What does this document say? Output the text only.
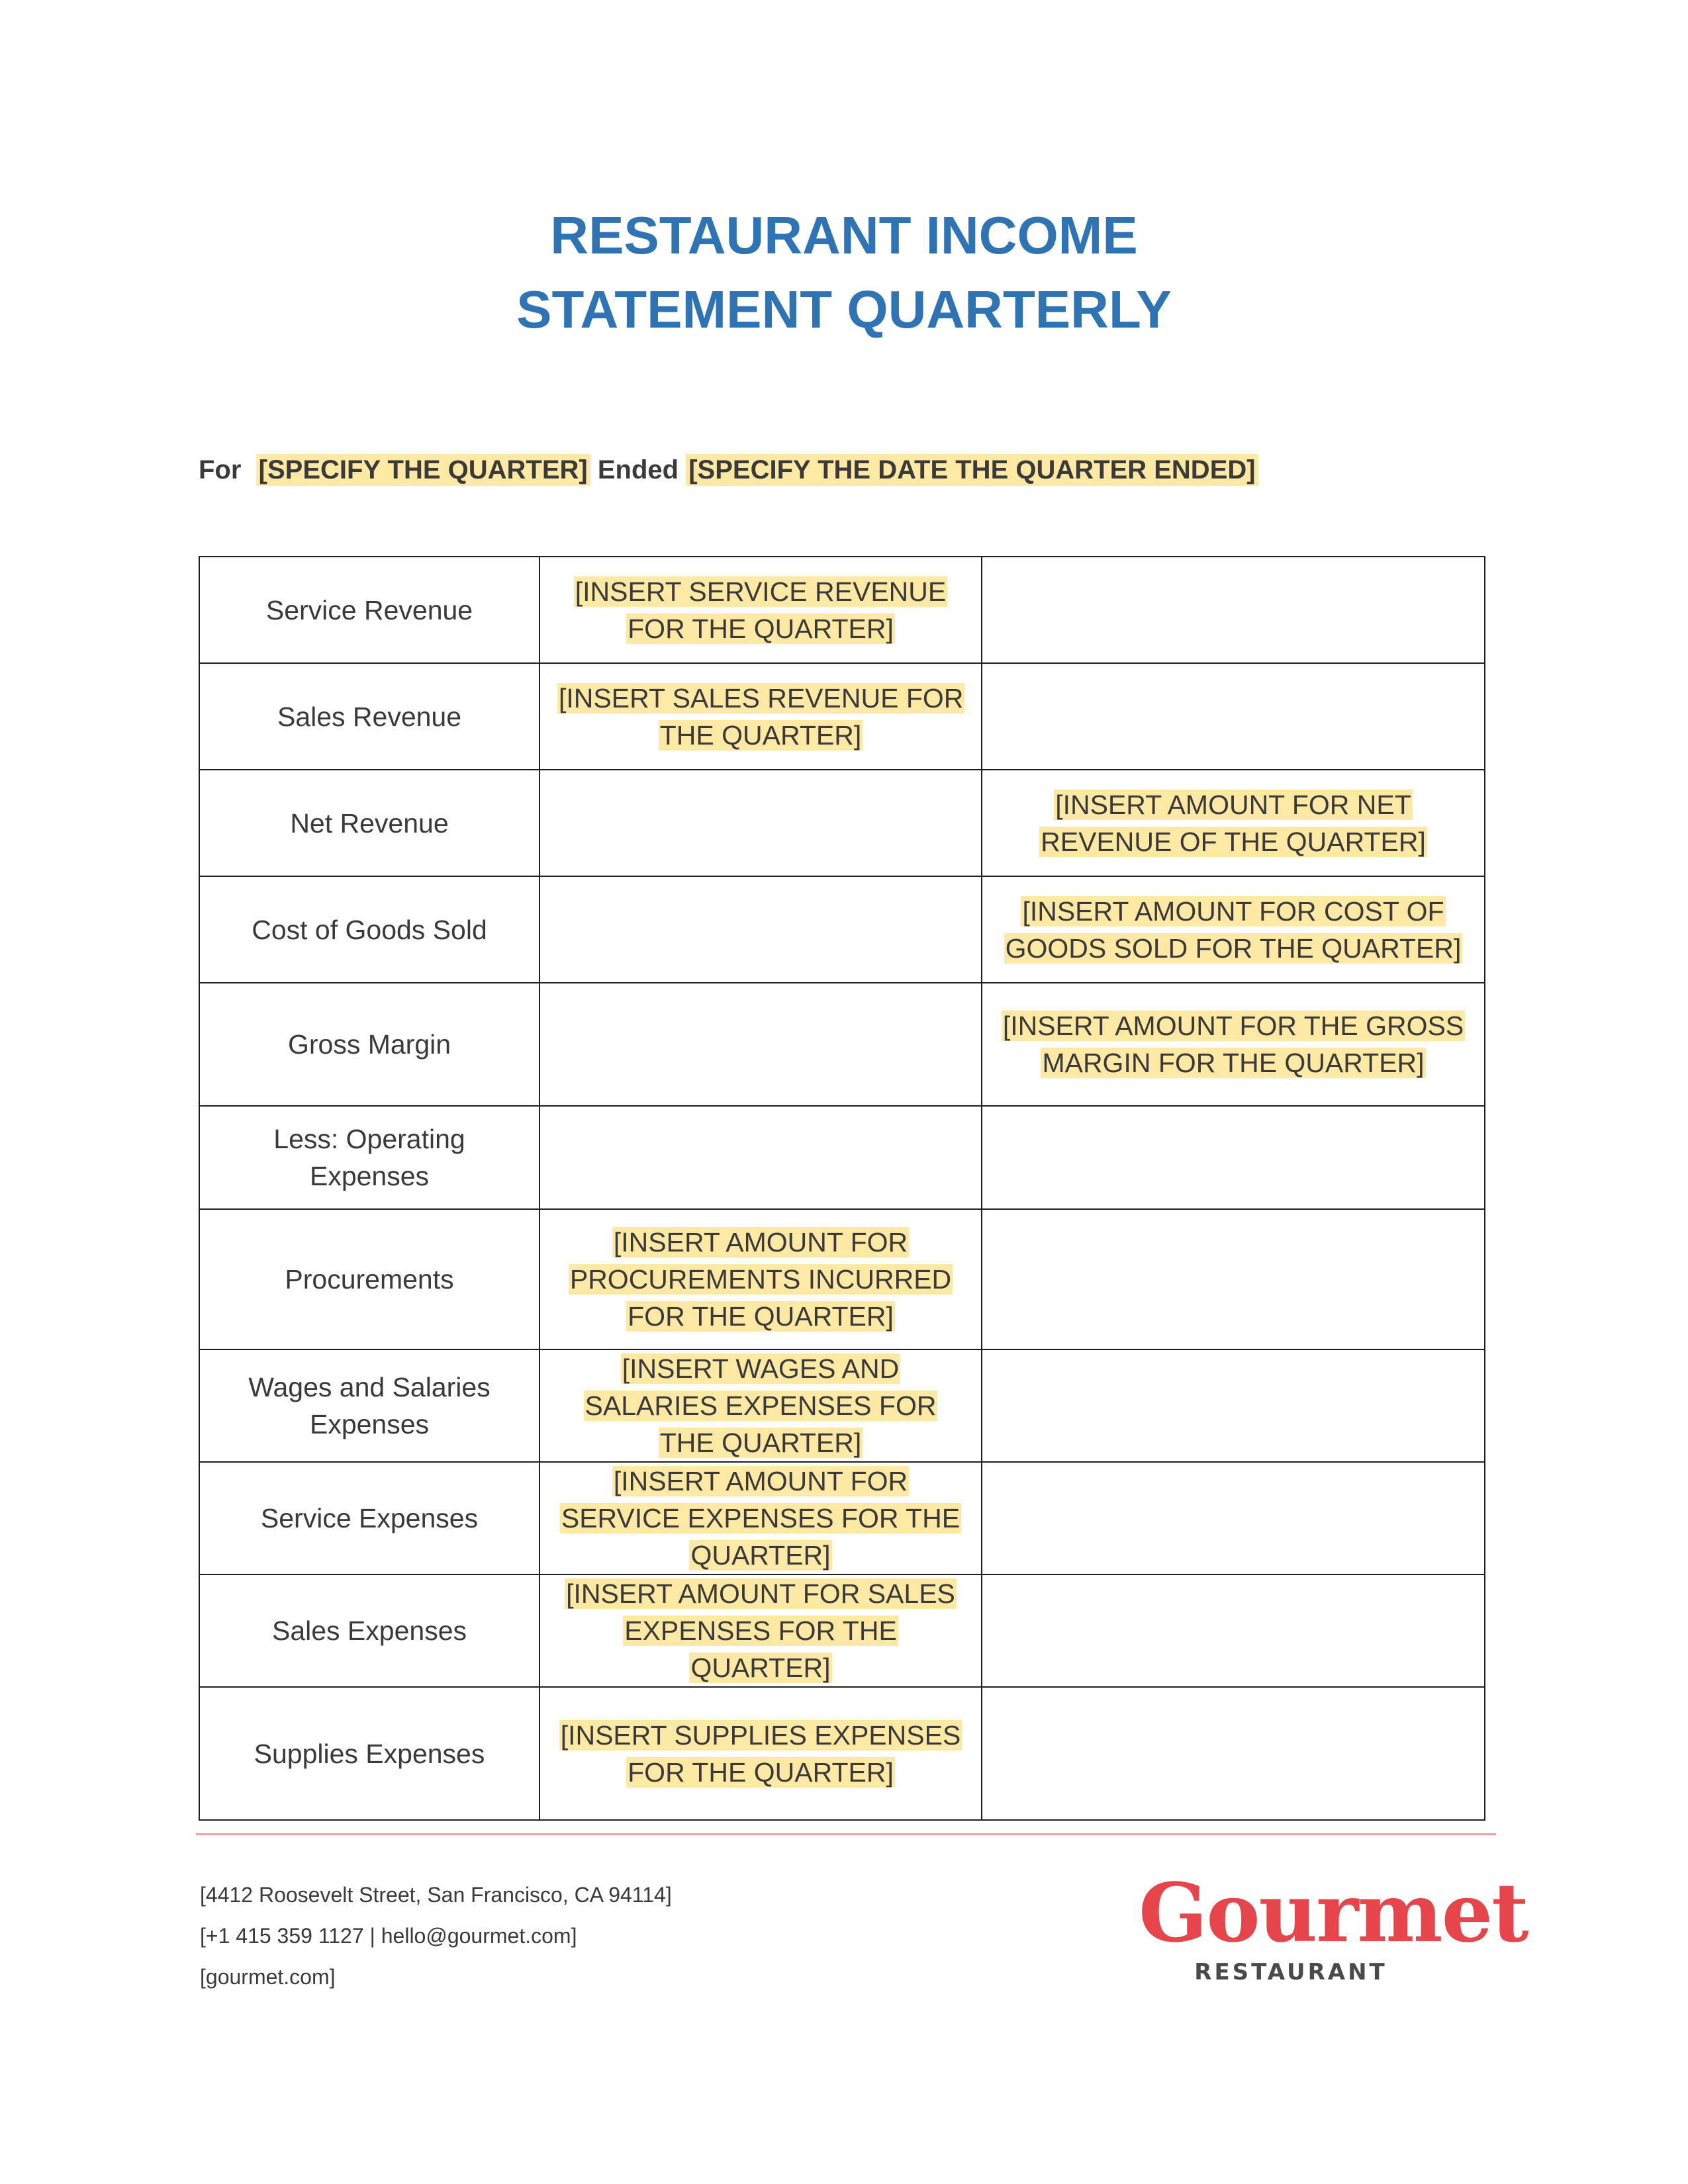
RESTAURANT INCOME
STATEMENT QUARTERLY
For [SPECIFY THE QUARTER] Ended [SPECIFY THE DATE THE QUARTER ENDED]
Service Revenue	[INSERT SERVICE REVENUE FOR THE QUARTER]	
Sales Revenue	[INSERT SALES REVENUE FOR THE QUARTER]	
Net Revenue		[INSERT AMOUNT FOR NET REVENUE OF THE QUARTER]
Cost of Goods Sold		[INSERT AMOUNT FOR COST OF GOODS SOLD FOR THE QUARTER]
Gross Margin		[INSERT AMOUNT FOR THE GROSS MARGIN FOR THE QUARTER]
Less: Operating Expenses		
Procurements	[INSERT AMOUNT FOR PROCUREMENTS INCURRED FOR THE QUARTER]	
Wages and Salaries Expenses	[INSERT WAGES AND SALARIES EXPENSES FOR THE QUARTER]	
Service Expenses	[INSERT AMOUNT FOR SERVICE EXPENSES FOR THE QUARTER]	
Sales Expenses	[INSERT AMOUNT FOR SALES EXPENSES FOR THE QUARTER]	
Supplies Expenses	[INSERT SUPPLIES EXPENSES FOR THE QUARTER]	
[4412 Roosevelt Street, San Francisco, CA 94114]
[+1 415 359 1127 | hello@gourmet.com]
[gourmet.com]
Gourmet
RESTAURANT
